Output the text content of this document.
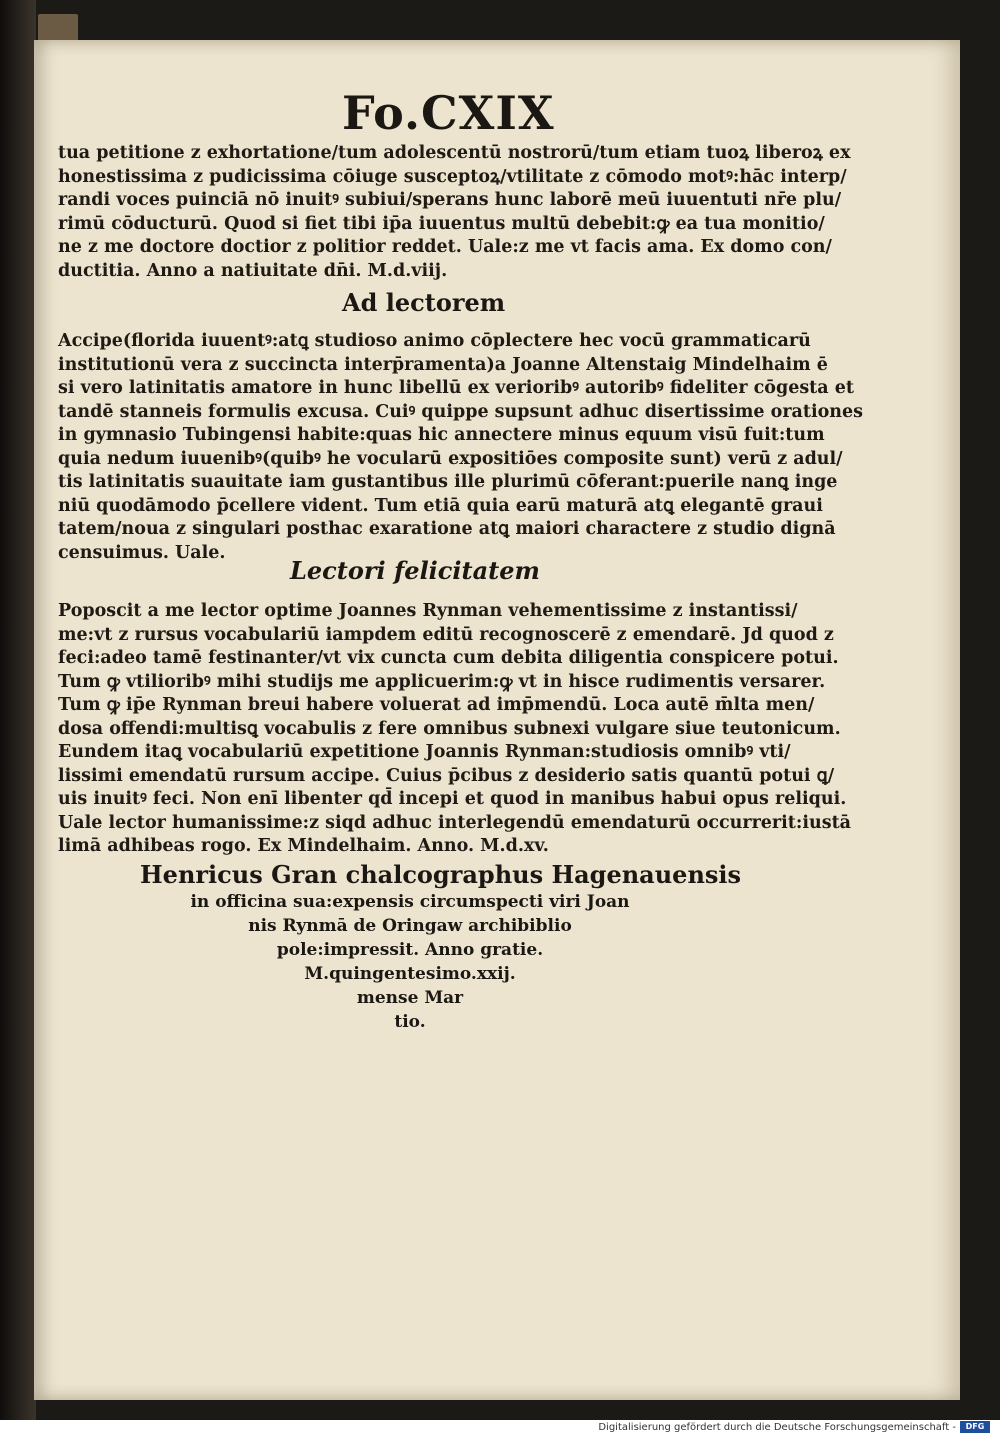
Fo.CXIX
tua petitione z exhortatione/tum adolescentū nostrorū/tum etiam tuoꝝ liberoꝝ ex
honestissima z pudicissima cōiuge susceptoꝝ/vtilitate z cōmodo motꝰ:hāc interp/
randi voces puinciā nō inuitꝰ subiui/sperans hunc laborē meū iuuentuti nr̄e plu/
rimū cōducturū. Quod si fiet tibi ip̄a iuuentus multū debebit:ꝙ ea tua monitio/
ne z me doctore doctior z politior reddet. Uale:z me vt facis ama. Ex domo con/
ductitia. Anno a natiuitate dn̄i. M.d.viij.
Ad lectorem
Accipe(florida iuuentꝰ:atꝗ studioso animo cōplectere hec vocū grammaticarū
institutionū vera z succincta interp̄ramenta)a Joanne Altenstaig Mindelhaim ē
si vero latinitatis amatore in hunc libellū ex verioribꝰ autoribꝰ fideliter cōgesta et
tandē stanneis formulis excusa. Cuiꝰ quippe supsunt adhuc disertissime orationes
in gymnasio Tubingensi habite:quas hic annectere minus equum visū fuit:tum
quia nedum iuuenibꝰ(quibꝰ he vocularū expositiōes composite sunt) verū z adul/
tis latinitatis suauitate iam gustantibus ille plurimū cōferant:puerile nanꝗ inge
niū quodāmodo p̄cellere vident. Tum etiā quia earū maturā atꝗ elegantē graui
tatem/noua z singulari posthac exaratione atꝗ maiori charactere z studio dignā
censuimus. Uale.
Lectori felicitatem
Poposcit a me lector optime Joannes Rynman vehementissime z instantissi/
me:vt z rursus vocabulariū iampdem editū recognoscerē z emendarē. Jd quod z
feci:adeo tamē festinanter/vt vix cuncta cum debita diligentia conspicere potui.
Tum ꝙ vtilioribꝰ mihi studijs me applicuerim:ꝙ vt in hisce rudimentis versarer.
Tum ꝙ ip̄e Rynman breui habere voluerat ad imp̄mendū. Loca autē m̄lta men/
dosa offendi:multisꝗ vocabulis z fere omnibus subnexi vulgare siue teutonicum.
Eundem itaꝗ vocabulariū expetitione Joannis Rynman:studiosis omnibꝰ vti/
lissimi emendatū rursum accipe. Cuius p̄cibus z desiderio satis quantū potui ꝗ/
uis inuitꝰ feci. Non enī libenter qd̄ incepi et quod in manibus habui opus reliqui.
Uale lector humanissime:z siqd adhuc interlegendū emendaturū occurrerit:iustā
limā adhibeas rogo. Ex Mindelhaim. Anno. M.d.xv.
Henricus Gran chalcographus Hagenauensis
in officina sua:expensis circumspecti viri Joan
nis Rynmā de Oringaw archibiblio
pole:impressit. Anno gratie.
M.quingentesimo.xxij.
mense Mar
tio.
Digitalisierung gefördert durch die Deutsche Forschungsgemeinschaft -	DFG
